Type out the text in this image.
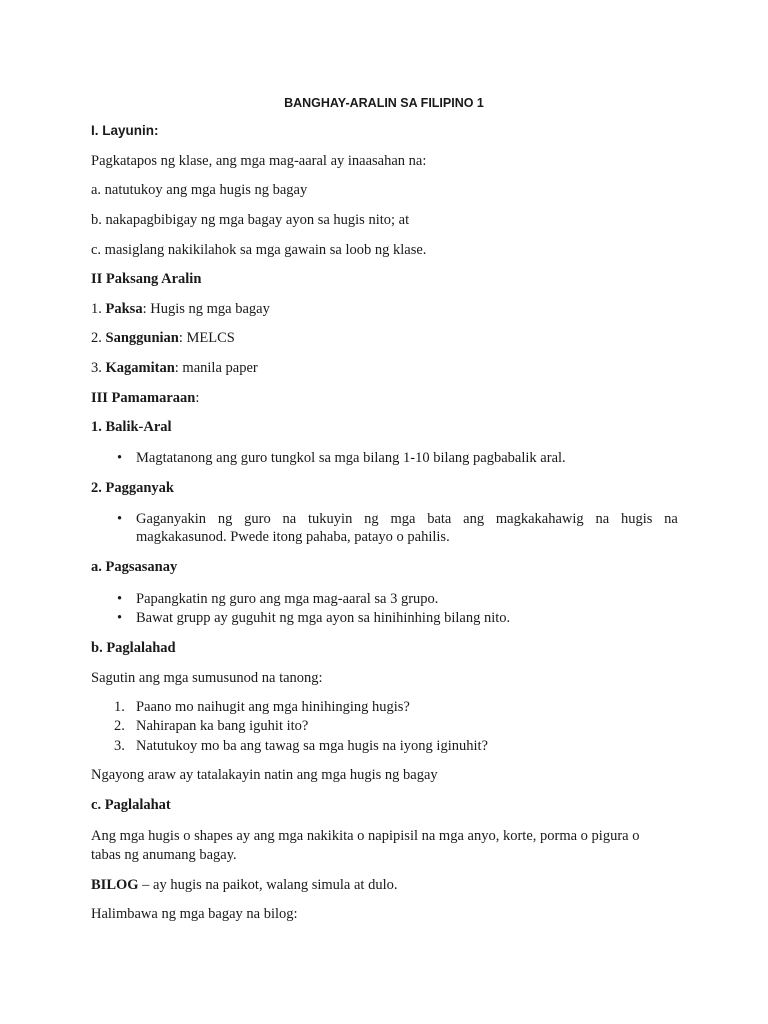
BANGHAY-ARALIN SA FILIPINO 1
I. Layunin:
Pagkatapos ng klase, ang mga mag-aaral ay inaasahan na:
a. natutukoy ang mga hugis ng bagay
b. nakapagbibigay ng mga bagay ayon sa hugis nito; at
c. masiglang nakikilahok sa mga gawain sa loob ng klase.
II Paksang Aralin
1. Paksa: Hugis ng mga bagay
2. Sanggunian: MELCS
3. Kagamitan: manila paper
III Pamamaraan:
1. Balik-Aral
• Magtatanong ang guro tungkol sa mga bilang 1-10 bilang pagbabalik aral.
2. Pagganyak
• Gaganyakin ng guro na tukuyin ng mga bata ang magkakahawig na hugis na
magkakasunod. Pwede itong pahaba, patayo o pahilis.
a. Pagsasanay
• Papangkatin ng guro ang mga mag-aaral sa 3 grupo.
• Bawat grupp ay guguhit ng mga ayon sa hinihinhing bilang nito.
b. Paglalahad
Sagutin ang mga sumusunod na tanong:
1. Paano mo naihugit ang mga hinihinging hugis?
2. Nahirapan ka bang iguhit ito?
3. Natutukoy mo ba ang tawag sa mga hugis na iyong iginuhit?
Ngayong araw ay tatalakayin natin ang mga hugis ng bagay
c. Paglalahat
Ang mga hugis o shapes ay ang mga nakikita o napipisil na mga anyo, korte, porma o pigura o
tabas ng anumang bagay.
BILOG – ay hugis na paikot, walang simula at dulo.
Halimbawa ng mga bagay na bilog:
